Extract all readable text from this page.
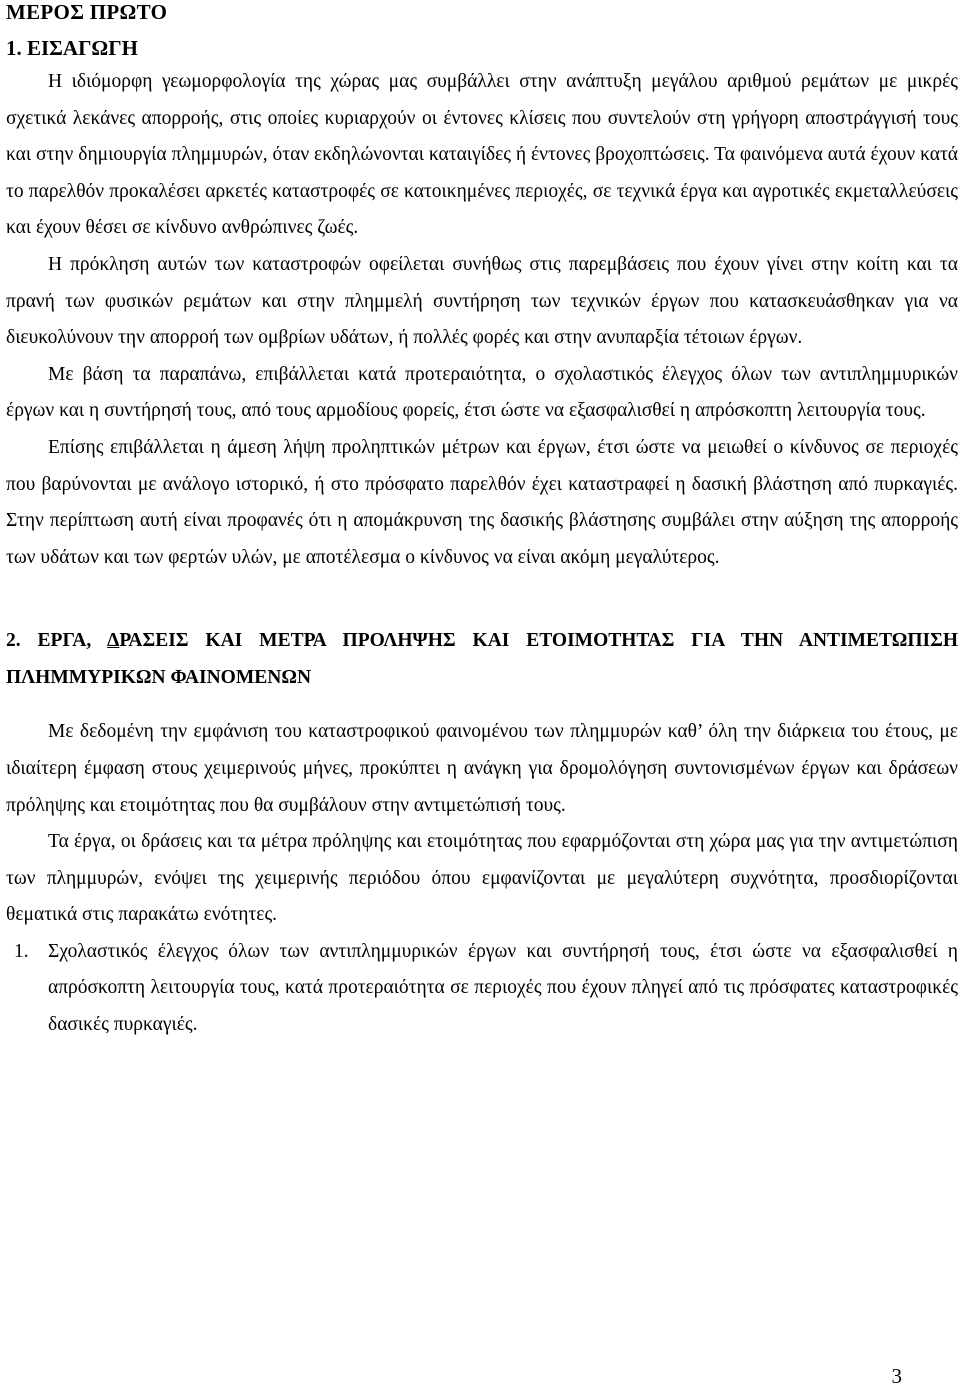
ΜΕΡΟΣ ΠΡΩΤΟ
1. ΕΙΣΑΓΩΓΗ

Η ιδιόμορφη γεωμορφολογία της χώρας μας συμβάλλει στην ανάπτυξη μεγάλου αριθμού ρεμάτων με μικρές σχετικά λεκάνες απορροής, στις οποίες κυριαρχούν οι έντονες κλίσεις που συντελούν στη γρήγορη αποστράγγισή τους και στην δημιουργία πλημμυρών, όταν εκδηλώνονται καταιγίδες ή έντονες βροχοπτώσεις. Τα φαινόμενα αυτά έχουν κατά το παρελθόν προκαλέσει αρκετές καταστροφές σε κατοικημένες περιοχές, σε τεχνικά έργα και αγροτικές εκμεταλλεύσεις και έχουν θέσει σε κίνδυνο ανθρώπινες ζωές.

Η πρόκληση αυτών των καταστροφών οφείλεται συνήθως στις παρεμβάσεις που έχουν γίνει στην κοίτη και τα πρανή των φυσικών ρεμάτων και στην πλημμελή συντήρηση των τεχνικών έργων που κατασκευάσθηκαν για να διευκολύνουν την απορροή των ομβρίων υδάτων, ή πολλές φορές και στην ανυπαρξία τέτοιων έργων.

Με βάση τα παραπάνω, επιβάλλεται κατά προτεραιότητα, ο σχολαστικός έλεγχος όλων των αντιπλημμυρικών έργων και η συντήρησή τους, από τους αρμοδίους φορείς, έτσι ώστε να εξασφαλισθεί η απρόσκοπτη λειτουργία τους.

Επίσης επιβάλλεται η άμεση λήψη προληπτικών μέτρων και έργων, έτσι ώστε να μειωθεί ο κίνδυνος σε περιοχές που βαρύνονται με ανάλογο ιστορικό, ή στο πρόσφατο παρελθόν έχει καταστραφεί η δασική βλάστηση από πυρκαγιές. Στην περίπτωση αυτή είναι προφανές ότι η απομάκρυνση της δασικής βλάστησης συμβάλει στην αύξηση της απορροής των υδάτων και των φερτών υλών, με αποτέλεσμα ο κίνδυνος να είναι ακόμη μεγαλύτερος.

2. ΕΡΓΑ, ΔΡΑΣΕΙΣ ΚΑΙ ΜΕΤΡΑ ΠΡΟΛΗΨΗΣ ΚΑΙ ΕΤΟΙΜΟΤΗΤΑΣ ΓΙΑ ΤΗΝ ΑΝΤΙΜΕΤΩΠΙΣΗ ΠΛΗΜΜΥΡΙΚΩΝ ΦΑΙΝΟΜΕΝΩΝ

Με δεδομένη την εμφάνιση του καταστροφικού φαινομένου των πλημμυρών καθ’ όλη την διάρκεια του έτους, με ιδιαίτερη έμφαση στους χειμερινούς μήνες, προκύπτει η ανάγκη για δρομολόγηση συντονισμένων έργων και δράσεων πρόληψης και ετοιμότητας που θα συμβάλουν στην αντιμετώπισή τους.

Τα έργα, οι δράσεις και τα μέτρα πρόληψης και ετοιμότητας που εφαρμόζονται στη χώρα μας για την αντιμετώπιση των πλημμυρών, ενόψει της χειμερινής περιόδου όπου εμφανίζονται με μεγαλύτερη συχνότητα, προσδιορίζονται θεματικά στις παρακάτω ενότητες.

1. Σχολαστικός έλεγχος όλων των αντιπλημμυρικών έργων και συντήρησή τους, έτσι ώστε να εξασφαλισθεί η απρόσκοπτη λειτουργία τους, κατά προτεραιότητα σε περιοχές που έχουν πληγεί από τις πρόσφατες καταστροφικές δασικές πυρκαγιές.
3
